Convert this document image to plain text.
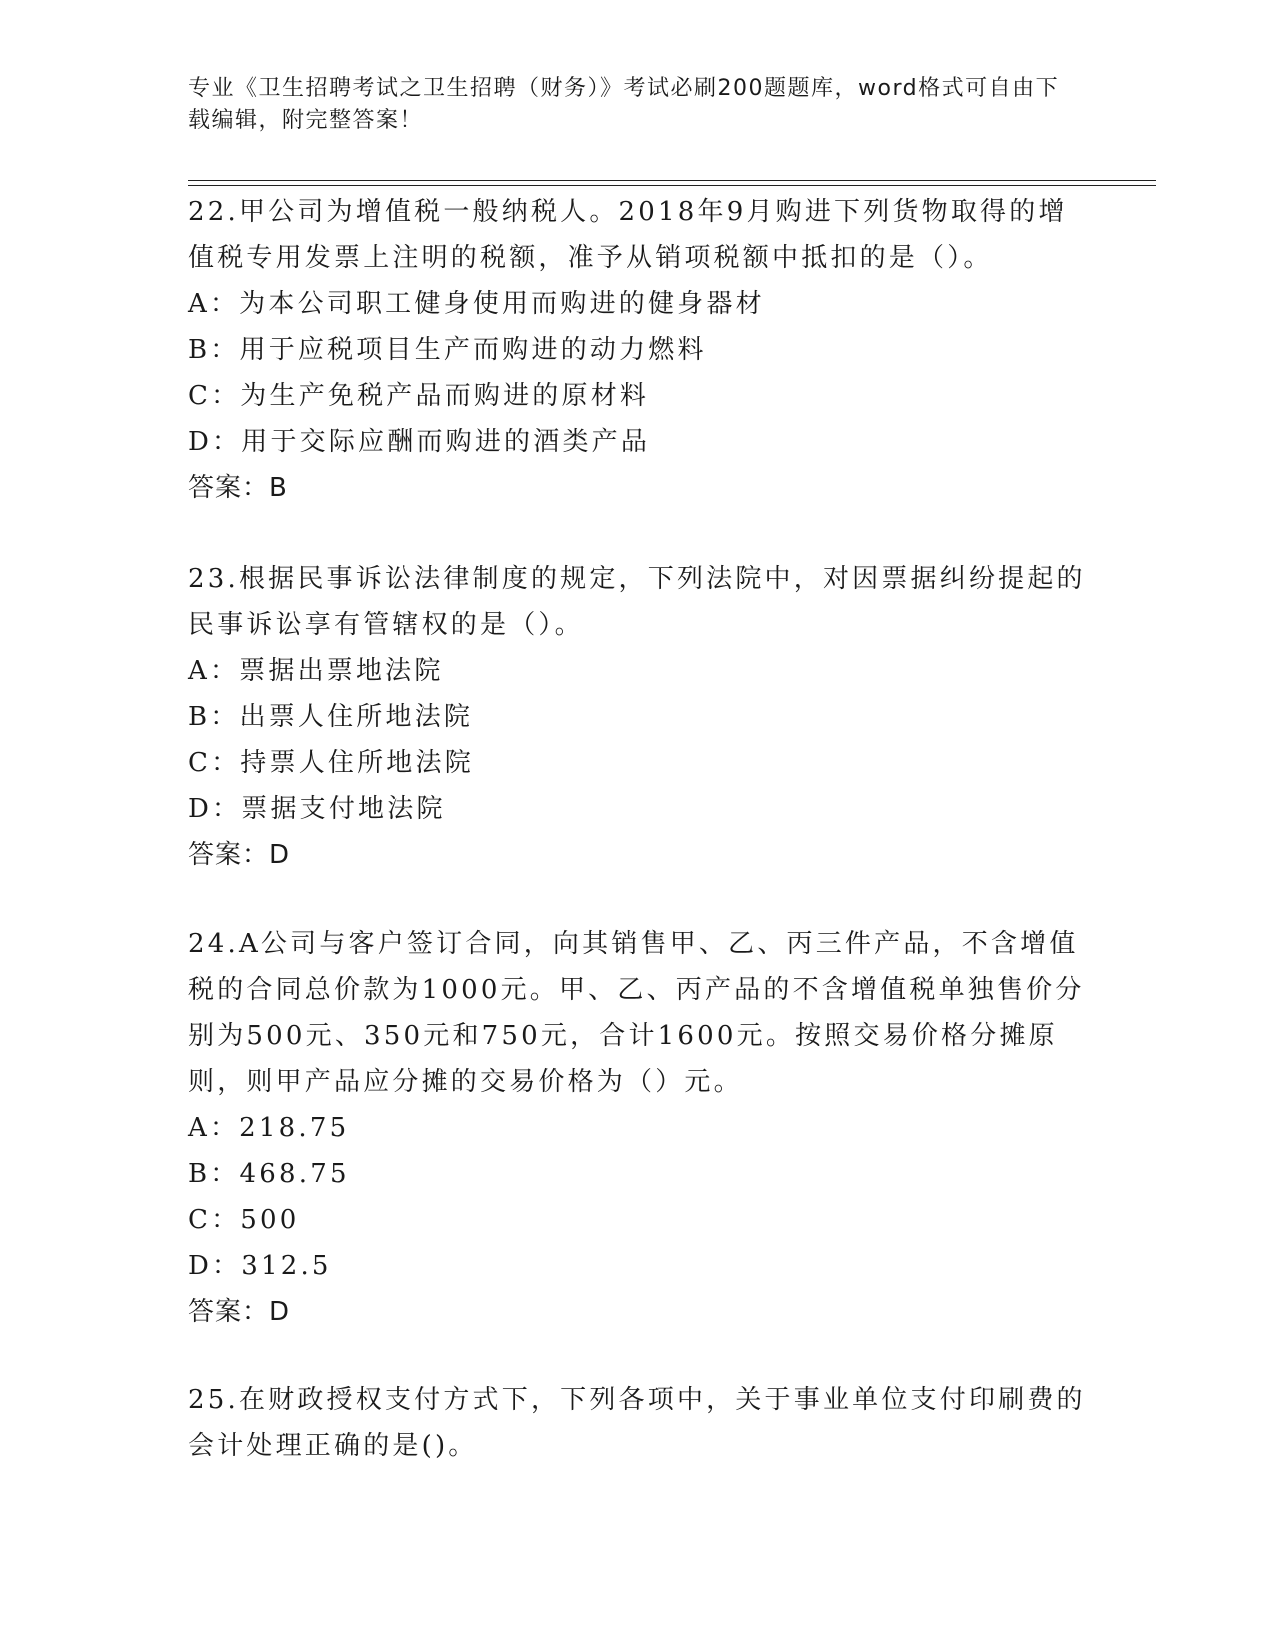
专业《卫生招聘考试之卫生招聘（财务）》考试必刷200题题库，word格式可自由下载编辑，附完整答案！

22.甲公司为增值税一般纳税人。2018年9月购进下列货物取得的增值税专用发票上注明的税额，准予从销项税额中抵扣的是（）。

A：为本公司职工健身使用而购进的健身器材

B：用于应税项目生产而购进的动力燃料

C：为生产免税产品而购进的原材料

D：用于交际应酬而购进的酒类产品

答案：B

23.根据民事诉讼法律制度的规定，下列法院中，对因票据纠纷提起的民事诉讼享有管辖权的是（）。

A：票据出票地法院

B：出票人住所地法院

C：持票人住所地法院

D：票据支付地法院

答案：D

24.A公司与客户签订合同，向其销售甲、乙、丙三件产品，不含增值税的合同总价款为1000元。甲、乙、丙产品的不含增值税单独售价分别为500元、350元和750元，合计1600元。按照交易价格分摊原则，则甲产品应分摊的交易价格为（）元。

A：218.75

B：468.75

C：500

D：312.5

答案：D

25.在财政授权支付方式下，下列各项中，关于事业单位支付印刷费的会计处理正确的是()。
